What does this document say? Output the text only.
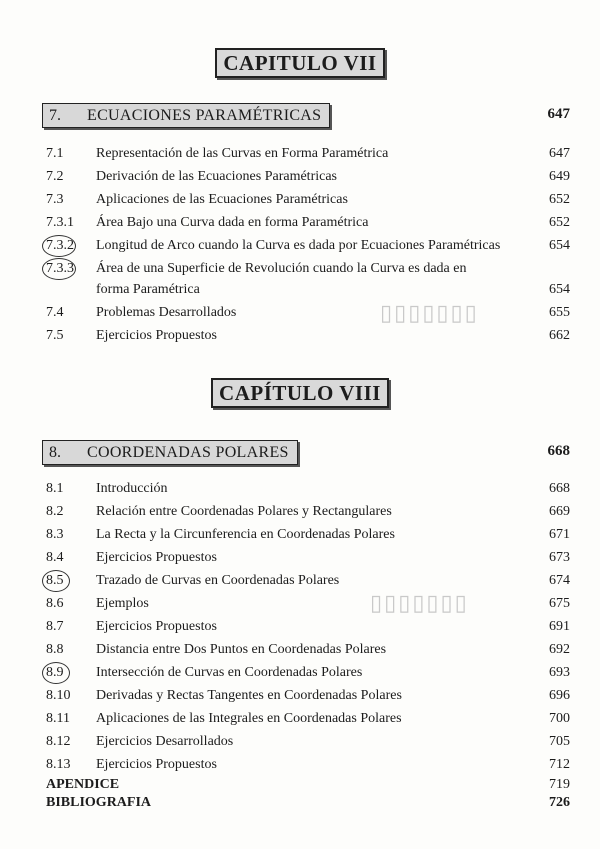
▯▯▯▯▯▯▯
▯▯▯▯▯▯▯
CAPITULO VII
7.	ECUACIONES PARAMÉTRICAS	647
7.1 Representación de las Curvas en Forma Paramétrica	647
7.2 Derivación de las Ecuaciones Paramétricas	649
7.3 Aplicaciones de las Ecuaciones Paramétricas	652
7.3.1 Área Bajo una Curva dada en forma Paramétrica	652
7.3.2 Longitud de Arco cuando la Curva es dada por Ecuaciones Paramétricas	654
7.3.3 Área de una Superficie de Revolución cuando la Curva es dada en
forma Paramétrica	654
7.4 Problemas Desarrollados	655
7.5 Ejercicios Propuestos	662
CAPÍTULO VIII
8.	COORDENADAS POLARES	668
8.1 Introducción	668
8.2 Relación entre Coordenadas Polares y Rectangulares	669
8.3 La Recta y la Circunferencia en Coordenadas Polares	671
8.4 Ejercicios Propuestos	673
8.5 Trazado de Curvas en Coordenadas Polares	674
8.6 Ejemplos	675
8.7 Ejercicios Propuestos	691
8.8 Distancia entre Dos Puntos en Coordenadas Polares	692
8.9 Intersección de Curvas en Coordenadas Polares	693
8.10 Derivadas y Rectas Tangentes en Coordenadas Polares	696
8.11 Aplicaciones de las Integrales en Coordenadas Polares	700
8.12 Ejercicios Desarrollados	705
8.13 Ejercicios Propuestos	712
APENDICE	719
BIBLIOGRAFIA	726
